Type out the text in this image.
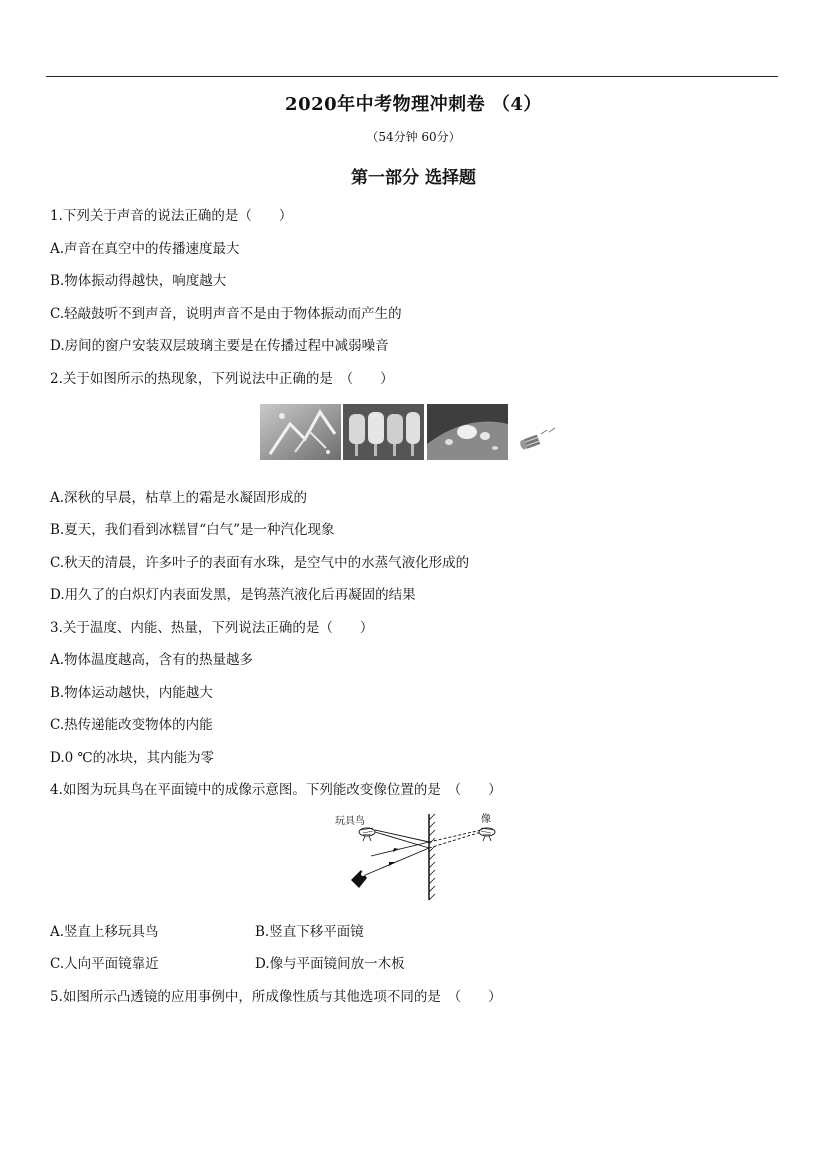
2020年中考物理冲刺卷 （4）
（54分钟 60分）
第一部分 选择题
1.下列关于声音的说法正确的是（　　）
A.声音在真空中的传播速度最大
B.物体振动得越快，响度越大
C.轻敲鼓听不到声音，说明声音不是由于物体振动而产生的
D.房间的窗户安装双层玻璃主要是在传播过程中减弱噪音
2.关于如图所示的热现象，下列说法中正确的是　（　　）
A.深秋的早晨，枯草上的霜是水凝固形成的
B.夏天，我们看到冰糕冒“白气”是一种汽化现象
C.秋天的清晨，许多叶子的表面有水珠，是空气中的水蒸气液化形成的
D.用久了的白炽灯内表面发黑，是钨蒸汽液化后再凝固的结果
3.关于温度、内能、热量，下列说法正确的是（　　）
A.物体温度越高，含有的热量越多
B.物体运动越快，内能越大
C.热传递能改变物体的内能
D.0 ℃的冰块，其内能为零
4.如图为玩具鸟在平面镜中的成像示意图。下列能改变像位置的是　（　　）
玩具鸟	像
A.竖直上移玩具鸟	B.竖直下移平面镜
C.人向平面镜靠近	D.像与平面镜间放一木板
5.如图所示凸透镜的应用事例中，所成像性质与其他选项不同的是　（　　）
